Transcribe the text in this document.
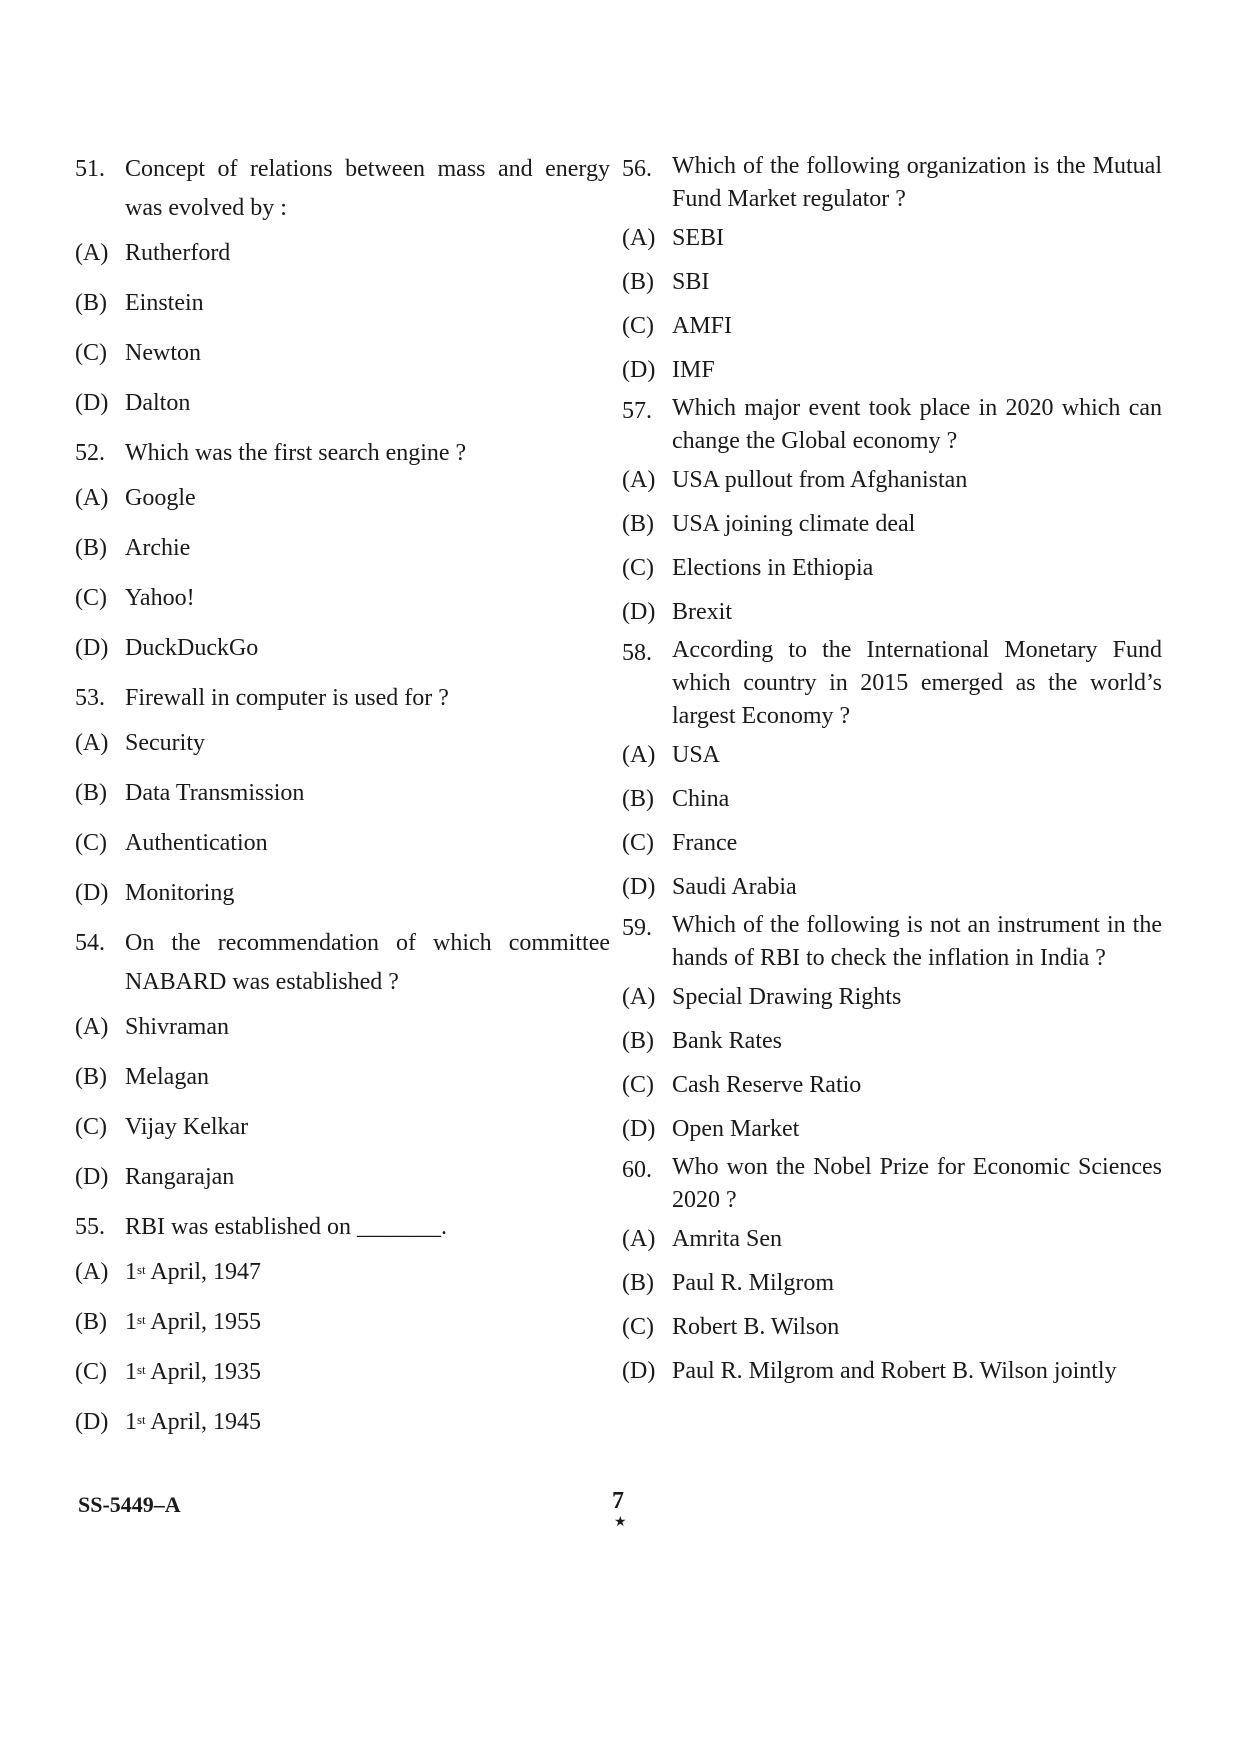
51. Concept of relations between mass and energy was evolved by :
(A) Rutherford
(B) Einstein
(C) Newton
(D) Dalton
52. Which was the first search engine ?
(A) Google
(B) Archie
(C) Yahoo!
(D) DuckDuckGo
53. Firewall in computer is used for ?
(A) Security
(B) Data Transmission
(C) Authentication
(D) Monitoring
54. On the recommendation of which committee NABARD was established ?
(A) Shivraman
(B) Melagan
(C) Vijay Kelkar
(D) Rangarajan
55. RBI was established on _______.
(A) 1st April, 1947
(B) 1st April, 1955
(C) 1st April, 1935
(D) 1st April, 1945
56. Which of the following organization is the Mutual Fund Market regulator ?
(A) SEBI
(B) SBI
(C) AMFI
(D) IMF
57. Which major event took place in 2020 which can change the Global economy ?
(A) USA pullout from Afghanistan
(B) USA joining climate deal
(C) Elections in Ethiopia
(D) Brexit
58. According to the International Monetary Fund which country in 2015 emerged as the world’s largest Economy ?
(A) USA
(B) China
(C) France
(D) Saudi Arabia
59. Which of the following is not an instrument in the hands of RBI to check the inflation in India ?
(A) Special Drawing Rights
(B) Bank Rates
(C) Cash Reserve Ratio
(D) Open Market
60. Who won the Nobel Prize for Economic Sciences 2020 ?
(A) Amrita Sen
(B) Paul R. Milgrom
(C) Robert B. Wilson
(D) Paul R. Milgrom and Robert B. Wilson jointly
SS-5449–A	7
★
